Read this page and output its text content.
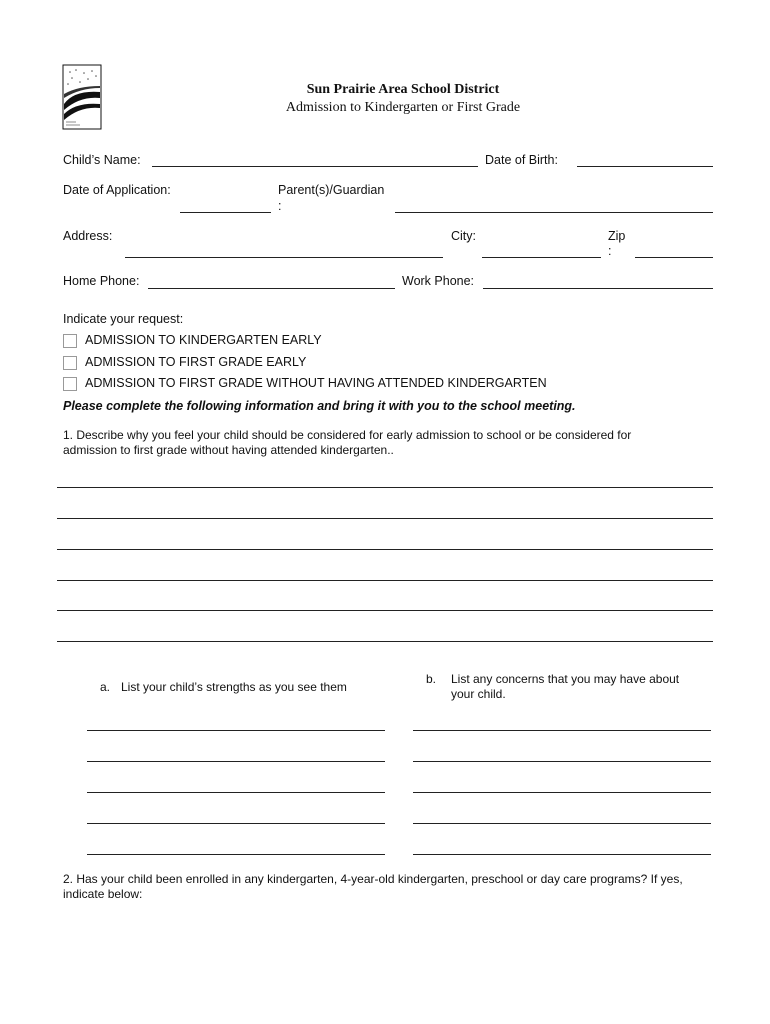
Sun Prairie Area School District
Admission to Kindergarten or First Grade
Child’s Name:	Date of Birth:
Date of Application:	Parent(s)/Guardian
:
Address:	City:	Zip
:
Home Phone:	Work Phone:
Indicate your request:
ADMISSION TO KINDERGARTEN EARLY
ADMISSION TO FIRST GRADE EARLY
ADMISSION TO FIRST GRADE WITHOUT HAVING ATTENDED KINDERGARTEN
Please complete the following information and bring it with you to the school meeting.
1. Describe why you feel your child should be considered for early admission to school or be considered for admission to first grade without having attended kindergarten..
a. List your child’s strengths as you see them
b. List any concerns that you may have about your child.
2. Has your child been enrolled in any kindergarten, 4-year-old kindergarten, preschool or day care programs? If yes, indicate below:
